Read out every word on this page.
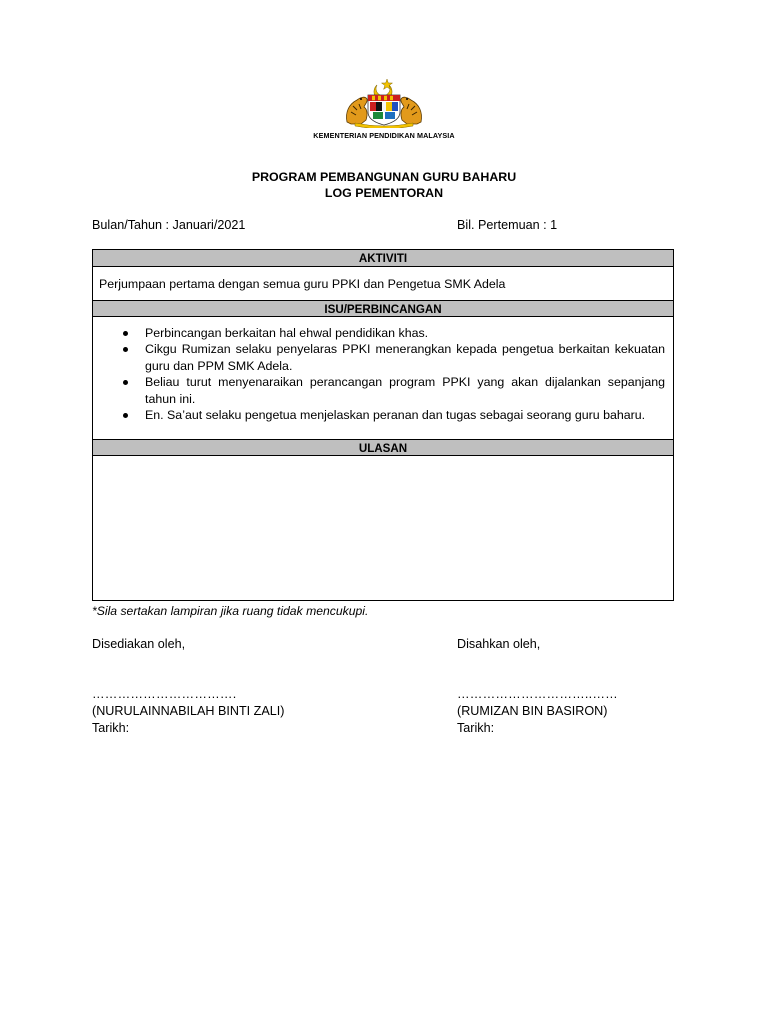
KEMENTERIAN PENDIDIKAN MALAYSIA
PROGRAM PEMBANGUNAN GURU BAHARU
LOG PEMENTORAN
Bulan/Tahun : Januari/2021	Bil. Pertemuan : 1
AKTIVITI
Perjumpaan pertama dengan semua guru PPKI dan Pengetua SMK Adela
ISU/PERBINCANGAN
Perbincangan berkaitan hal ehwal pendidikan khas.
Cikgu Rumizan selaku penyelaras PPKI menerangkan kepada pengetua berkaitan kekuatan guru dan PPM SMK Adela.
Beliau turut menyenaraikan perancangan program PPKI yang akan dijalankan sepanjang tahun ini.
En. Sa’aut selaku pengetua menjelaskan peranan dan tugas sebagai seorang guru baharu.
ULASAN
*Sila sertakan lampiran jika ruang tidak mencukupi.
Disediakan oleh,
…………………………….
(NURULAINNABILAH BINTI ZALI)
Tarikh:
Disahkan oleh,
…………………………..……
(RUMIZAN BIN BASIRON)
Tarikh:
